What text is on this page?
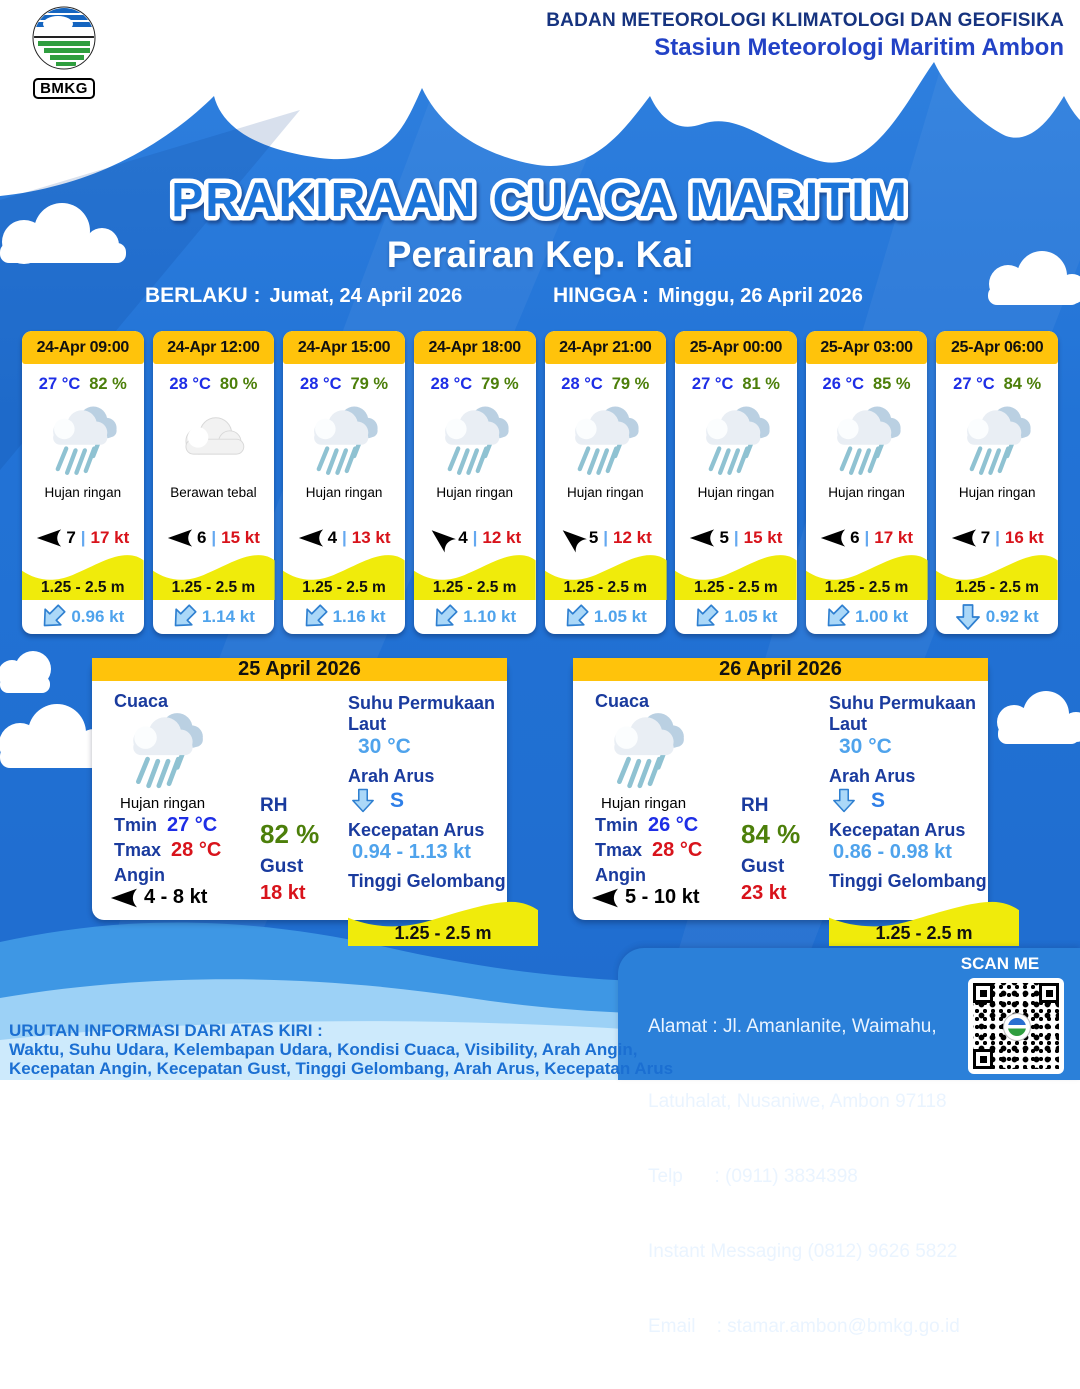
BMKG
BADAN METEOROLOGI KLIMATOLOGI DAN GEOFISIKA
Stasiun Meteorologi Maritim Ambon
PRAKIRAAN CUACA MARITIM
Perairan Kep. Kai
BERLAKU : Jumat, 24 April 2026	HINGGA : Minggu, 26 April 2026
24-Apr 09:00
27 °C 82 %
Hujan ringan
7 | 17 kt
1.25 - 2.5 m
0.96 kt
24-Apr 12:00
28 °C 80 %
Berawan tebal
6 | 15 kt
1.25 - 2.5 m
1.14 kt
24-Apr 15:00
28 °C 79 %
Hujan ringan
4 | 13 kt
1.25 - 2.5 m
1.16 kt
24-Apr 18:00
28 °C 79 %
Hujan ringan
4 | 12 kt
1.25 - 2.5 m
1.10 kt
24-Apr 21:00
28 °C 79 %
Hujan ringan
5 | 12 kt
1.25 - 2.5 m
1.05 kt
25-Apr 00:00
27 °C 81 %
Hujan ringan
5 | 15 kt
1.25 - 2.5 m
1.05 kt
25-Apr 03:00
26 °C 85 %
Hujan ringan
6 | 17 kt
1.25 - 2.5 m
1.00 kt
25-Apr 06:00
27 °C 84 %
Hujan ringan
7 | 16 kt
1.25 - 2.5 m
0.92 kt
25 April 2026
Cuaca
Hujan ringan
Tmin 27 °C
Tmax 28 °C
Angin
4 - 8 kt
RH
82 %
Gust
18 kt
Suhu Permukaan Laut
30 °C
Arah Arus
S
Kecepatan Arus
0.94 - 1.13 kt
Tinggi Gelombang
1.25 - 2.5 m
26 April 2026
Cuaca
Hujan ringan
Tmin 26 °C
Tmax 28 °C
Angin
5 - 10 kt
RH
84 %
Gust
23 kt
Suhu Permukaan Laut
30 °C
Arah Arus
S
Kecepatan Arus
0.86 - 0.98 kt
Tinggi Gelombang
1.25 - 2.5 m
URUTAN INFORMASI DARI ATAS KIRI :
Waktu, Suhu Udara, Kelembapan Udara, Kondisi Cuaca, Visibility, Arah Angin,
Kecepatan Angin, Kecepatan Gust, Tinggi Gelombang, Arah Arus, Kecepatan Arus

Alamat : Jl. Amanlanite, Waimahu,

Latuhalat, Nusaniwe, Ambon 97118

Telp      : (0911) 3834398

Instant Messaging (0812) 9626 5822

Email    : stamar.ambon@bmkg.go.id

SCAN ME
